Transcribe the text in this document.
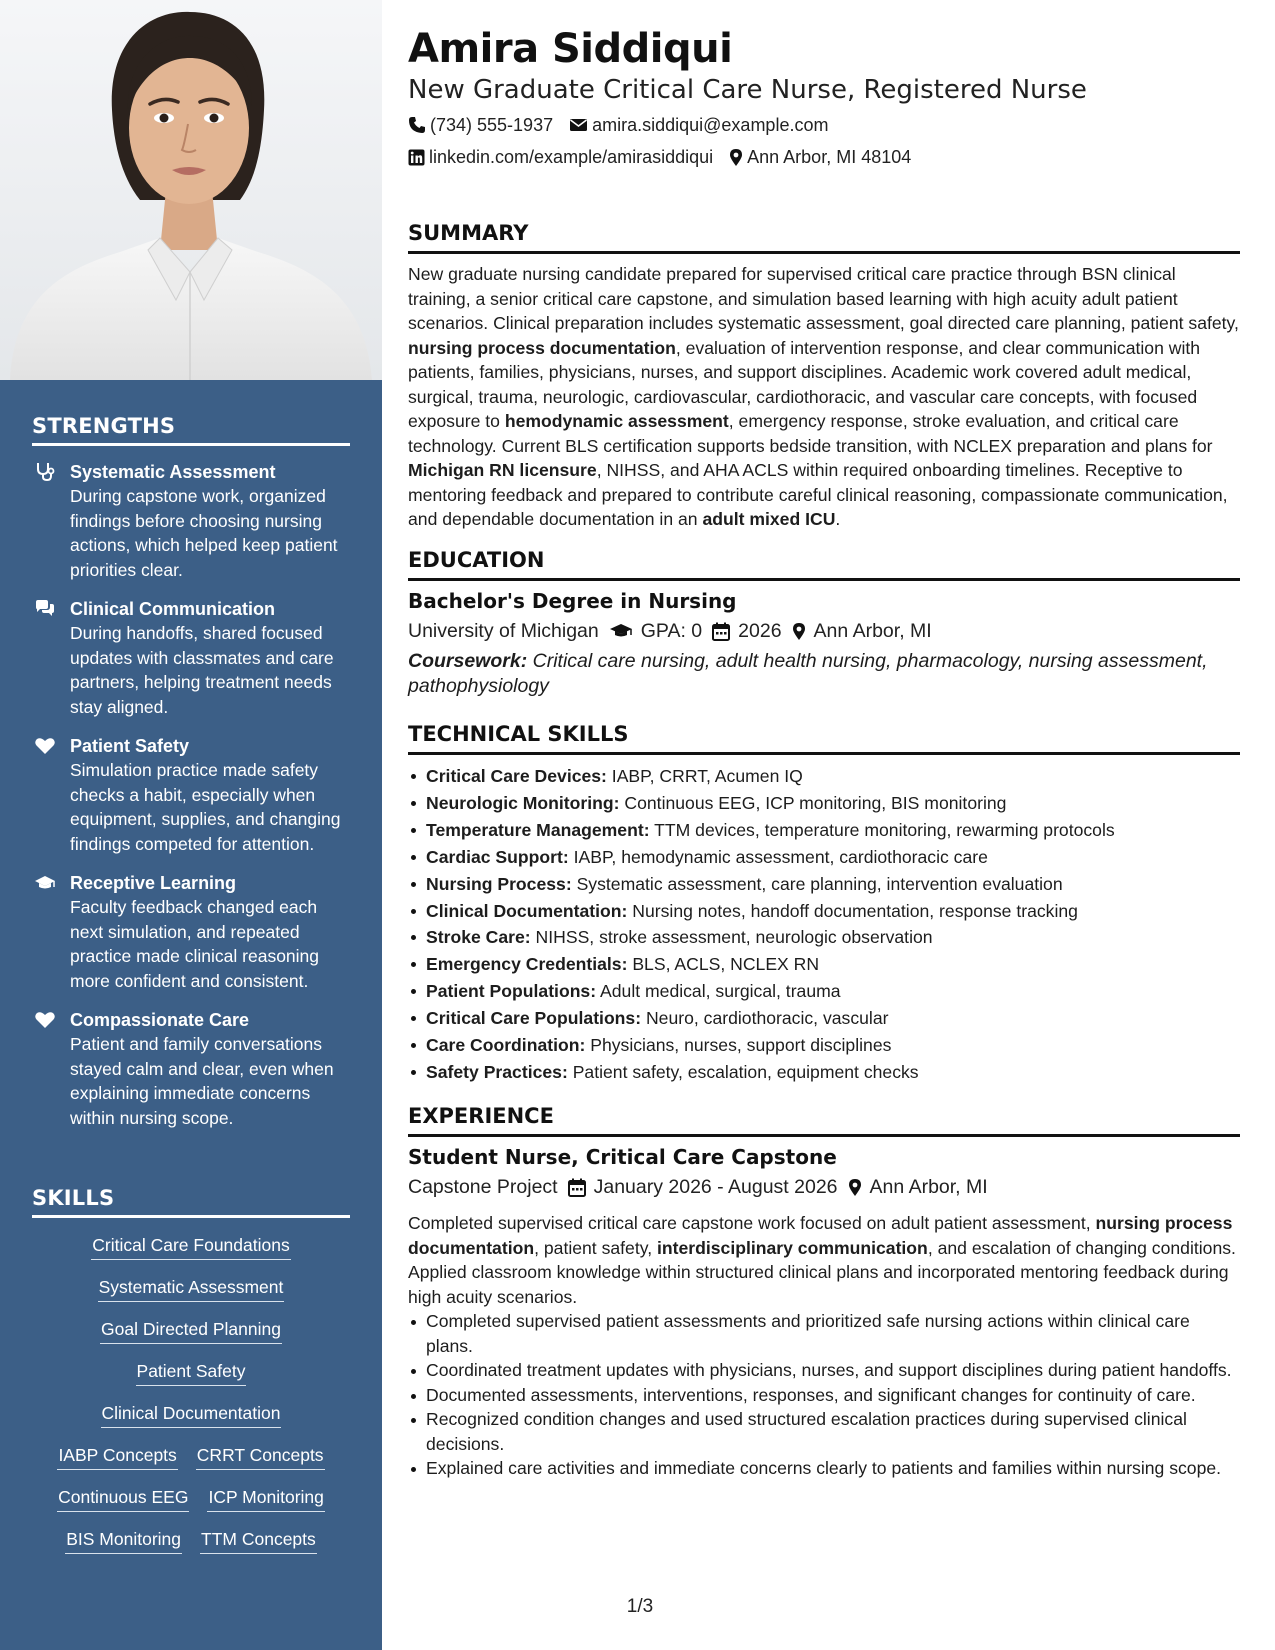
STRENGTHS
Systematic Assessment
During capstone work, organized findings before choosing nursing actions, which helped keep patient priorities clear.
Clinical Communication
During handoffs, shared focused updates with classmates and care partners, helping treatment needs stay aligned.
Patient Safety
Simulation practice made safety checks a habit, especially when equipment, supplies, and changing findings competed for attention.
Receptive Learning
Faculty feedback changed each next simulation, and repeated practice made clinical reasoning more confident and consistent.
Compassionate Care
Patient and family conversations stayed calm and clear, even when explaining immediate concerns within nursing scope.
SKILLS
Critical Care Foundations
Systematic Assessment
Goal Directed Planning
Patient Safety
Clinical Documentation
IABP Concepts CRRT Concepts
Continuous EEG ICP Monitoring
BIS Monitoring TTM Concepts
Amira Siddiqui
New Graduate Critical Care Nurse, Registered Nurse
(734) 555-1937 amira.siddiqui@example.com
linkedin.com/example/amirasiddiqui Ann Arbor, MI 48104
SUMMARY

New graduate nursing candidate prepared for supervised critical care practice through BSN clinical training, a senior critical care capstone, and simulation based learning with high acuity adult patient scenarios. Clinical preparation includes systematic assessment, goal directed care planning, patient safety, nursing process documentation, evaluation of intervention response, and clear communication with patients, families, physicians, nurses, and support disciplines. Academic work covered adult medical, surgical, trauma, neurologic, cardiovascular, cardiothoracic, and vascular care concepts, with focused exposure to hemodynamic assessment, emergency response, stroke evaluation, and critical care technology. Current BLS certification supports bedside transition, with NCLEX preparation and plans for Michigan RN licensure, NIHSS, and AHA ACLS within required onboarding timelines. Receptive to mentoring feedback and prepared to contribute careful clinical reasoning, compassionate communication, and dependable documentation in an adult mixed ICU.

EDUCATION
Bachelor's Degree in Nursing
University of Michigan GPA: 0 2026 Ann Arbor, MI
Coursework: Critical care nursing, adult health nursing, pharmacology, nursing assessment, pathophysiology
TECHNICAL SKILLS
Critical Care Devices: IABP, CRRT, Acumen IQ
Neurologic Monitoring: Continuous EEG, ICP monitoring, BIS monitoring
Temperature Management: TTM devices, temperature monitoring, rewarming protocols
Cardiac Support: IABP, hemodynamic assessment, cardiothoracic care
Nursing Process: Systematic assessment, care planning, intervention evaluation
Clinical Documentation: Nursing notes, handoff documentation, response tracking
Stroke Care: NIHSS, stroke assessment, neurologic observation
Emergency Credentials: BLS, ACLS, NCLEX RN
Patient Populations: Adult medical, surgical, trauma
Critical Care Populations: Neuro, cardiothoracic, vascular
Care Coordination: Physicians, nurses, support disciplines
Safety Practices: Patient safety, escalation, equipment checks
EXPERIENCE
Student Nurse, Critical Care Capstone
Capstone Project January 2026 - August 2026 Ann Arbor, MI

Completed supervised critical care capstone work focused on adult patient assessment, nursing process documentation, patient safety, interdisciplinary communication, and escalation of changing conditions. Applied classroom knowledge within structured clinical plans and incorporated mentoring feedback during high acuity scenarios.

Completed supervised patient assessments and prioritized safe nursing actions within clinical care plans.
Coordinated treatment updates with physicians, nurses, and support disciplines during patient handoffs.
Documented assessments, interventions, responses, and significant changes for continuity of care.
Recognized condition changes and used structured escalation practices during supervised clinical decisions.
Explained care activities and immediate concerns clearly to patients and families within nursing scope.
1/3
